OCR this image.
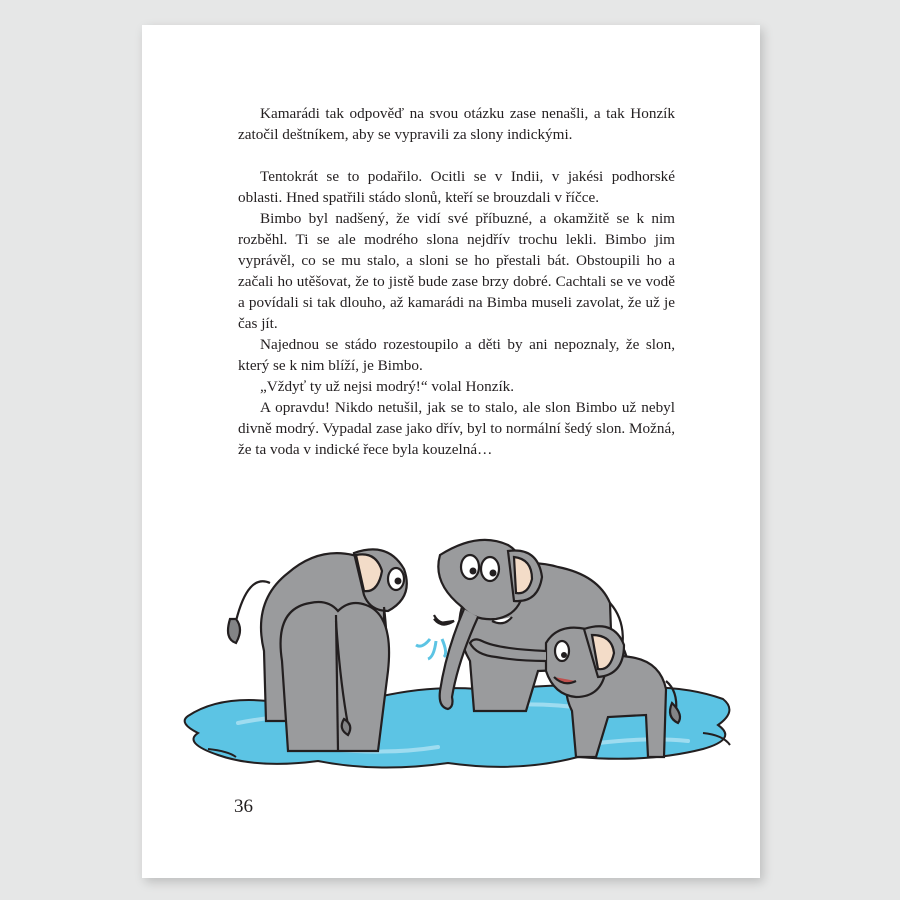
Kamarádi tak odpověď na svou otázku zase nenašli, a tak Honzík zatočil deštníkem, aby se vypravili za slony indickými.

Tentokrát se to podařilo. Ocitli se v Indii, v jakési podhorské oblasti. Hned spatřili stádo slonů, kteří se brouzdali v říčce.

Bimbo byl nadšený, že vidí své příbuzné, a okamžitě se k nim rozběhl. Ti se ale modrého slona nejdřív trochu lekli. Bimbo jim vyprávěl, co se mu stalo, a sloni se ho přestali bát. Obstoupili ho a začali ho utěšovat, že to jistě bude zase brzy dobré. Cachtali se ve vodě a povídali si tak dlouho, až kamarádi na Bimba museli zavolat, že už je čas jít.

Najednou se stádo rozestoupilo a děti by ani nepoznaly, že slon, který se k nim blíží, je Bimbo.

„Vždyť ty už nejsi modrý!“ volal Honzík.

A opravdu! Nikdo netušil, jak se to stalo, ale slon Bimbo už nebyl divně modrý. Vypadal zase jako dřív, byl to normální šedý slon. Možná, že ta voda v indické řece byla kouzelná…

36
